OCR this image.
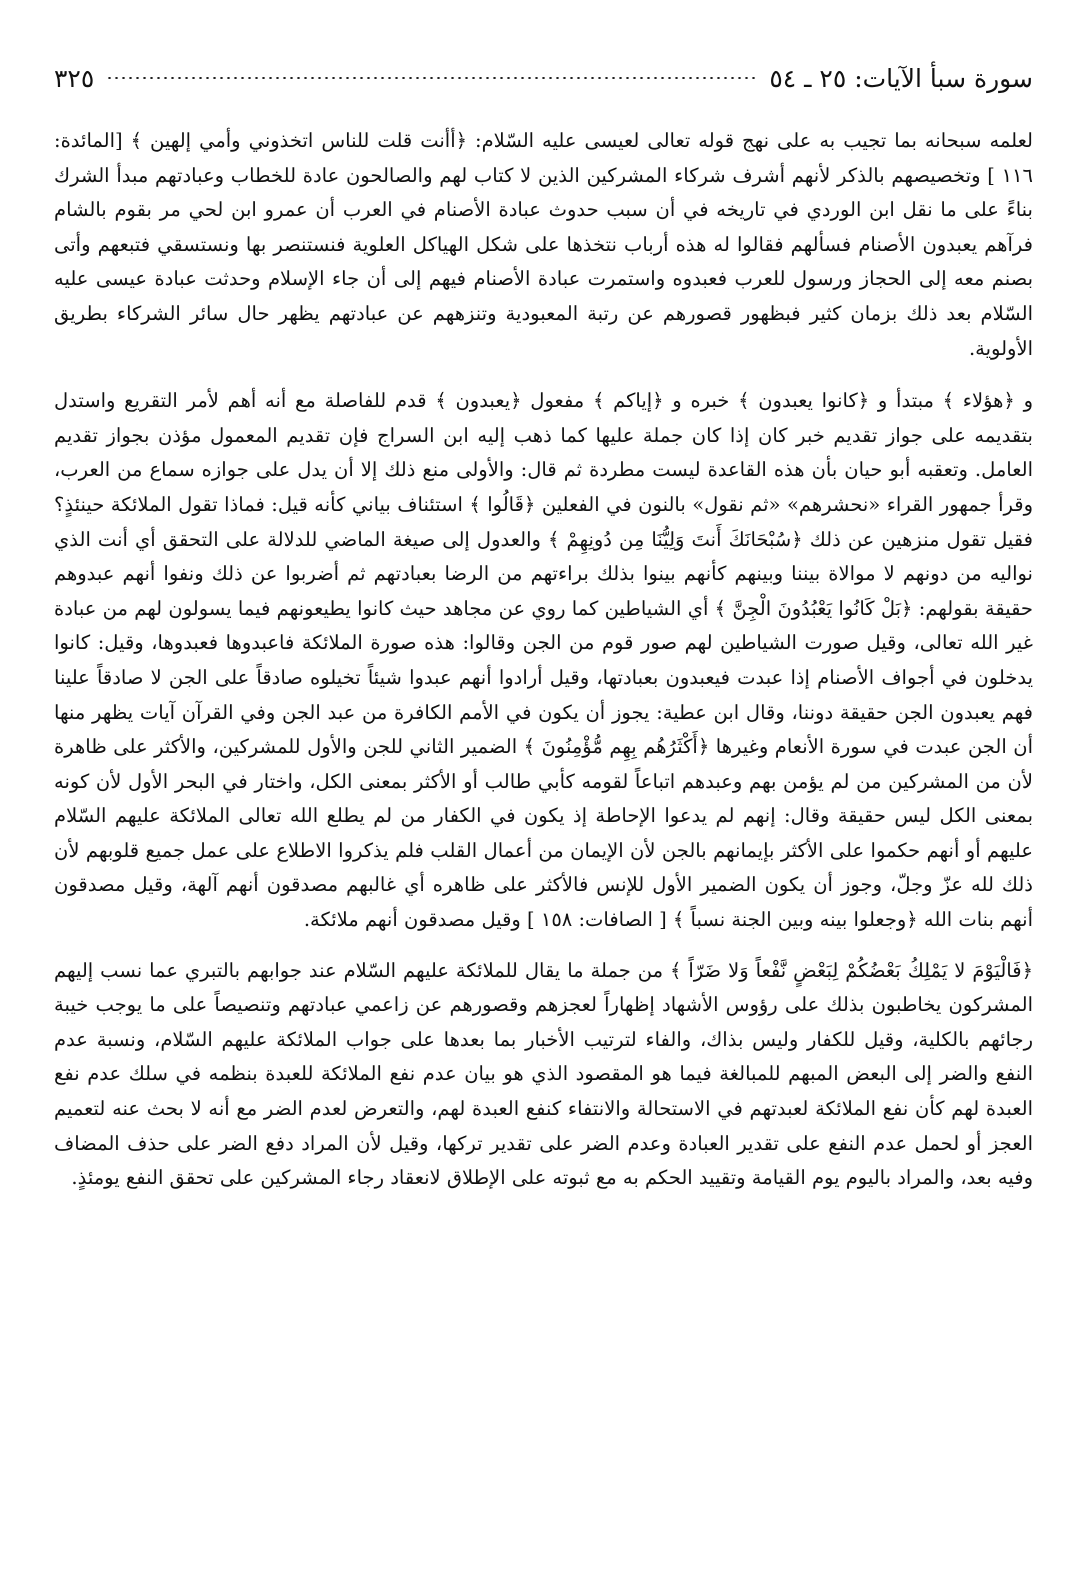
سورة سبأ الآيات: ٢٥ ـ ٥٤
٣٢٥

لعلمه سبحانه بما تجيب به على نهج قوله تعالى لعيسى عليه السّلام: ﴿أأنت قلت للناس اتخذوني وأمي إلهين ﴾ [المائدة: ١١٦ ] وتخصيصهم بالذكر لأنهم أشرف شركاء المشركين الذين لا كتاب لهم والصالحون عادة للخطاب وعبادتهم مبدأ الشرك بناءً على ما نقل ابن الوردي في تاريخه في أن سبب حدوث عبادة الأصنام في العرب أن عمرو ابن لحي مر بقوم بالشام فرآهم يعبدون الأصنام فسألهم فقالوا له هذه أرباب نتخذها على شكل الهياكل العلوية فنستنصر بها ونستسقي فتبعهم وأتى بصنم معه إلى الحجاز ورسول للعرب فعبدوه واستمرت عبادة الأصنام فيهم إلى أن جاء الإسلام وحدثت عبادة عيسى عليه السّلام بعد ذلك بزمان كثير فبظهور قصورهم عن رتبة المعبودية وتنزههم عن عبادتهم يظهر حال سائر الشركاء بطريق الأولوية.

و ﴿هؤلاء ﴾ مبتدأ و ﴿كانوا يعبدون ﴾ خبره و ﴿إياكم ﴾ مفعول ﴿يعبدون ﴾ قدم للفاصلة مع أنه أهم لأمر التقريع واستدل بتقديمه على جواز تقديم خبر كان إذا كان جملة عليها كما ذهب إليه ابن السراج فإن تقديم المعمول مؤذن بجواز تقديم العامل. وتعقبه أبو حيان بأن هذه القاعدة ليست مطردة ثم قال: والأولى منع ذلك إلا أن يدل على جوازه سماع من العرب، وقرأ جمهور القراء «نحشرهم» «ثم نقول» بالنون في الفعلين ﴿قَالُوا ﴾ استئناف بياني كأنه قيل: فماذا تقول الملائكة حينئذٍ؟ فقيل تقول منزهين عن ذلك ﴿سُبْحَانَكَ أَنتَ وَلِيُّنَا مِن دُونِهِمْ ﴾ والعدول إلى صيغة الماضي للدلالة على التحقق أي أنت الذي نواليه من دونهم لا موالاة بيننا وبينهم كأنهم بينوا بذلك براءتهم من الرضا بعبادتهم ثم أضربوا عن ذلك ونفوا أنهم عبدوهم حقيقة بقولهم: ﴿بَلْ كَانُوا يَعْبُدُونَ الْجِنَّ ﴾ أي الشياطين كما روي عن مجاهد حيث كانوا يطيعونهم فيما يسولون لهم من عبادة غير الله تعالى، وقيل صورت الشياطين لهم صور قوم من الجن وقالوا: هذه صورة الملائكة فاعبدوها فعبدوها، وقيل: كانوا يدخلون في أجواف الأصنام إذا عبدت فيعبدون بعبادتها، وقيل أرادوا أنهم عبدوا شيئاً تخيلوه صادقاً على الجن لا صادقاً علينا فهم يعبدون الجن حقيقة دوننا، وقال ابن عطية: يجوز أن يكون في الأمم الكافرة من عبد الجن وفي القرآن آيات يظهر منها أن الجن عبدت في سورة الأنعام وغيرها ﴿أَكْثَرُهُم بِهِم مُّؤْمِنُونَ ﴾ الضمير الثاني للجن والأول للمشركين، والأكثر على ظاهرة لأن من المشركين من لم يؤمن بهم وعبدهم اتباعاً لقومه كأبي طالب أو الأكثر بمعنى الكل، واختار في البحر الأول لأن كونه بمعنى الكل ليس حقيقة وقال: إنهم لم يدعوا الإحاطة إذ يكون في الكفار من لم يطلع الله تعالى الملائكة عليهم السّلام عليهم أو أنهم حكموا على الأكثر بإيمانهم بالجن لأن الإيمان من أعمال القلب فلم يذكروا الاطلاع على عمل جميع قلوبهم لأن ذلك لله عزّ وجلّ، وجوز أن يكون الضمير الأول للإنس فالأكثر على ظاهره أي غالبهم مصدقون أنهم آلهة، وقيل مصدقون أنهم بنات الله ﴿وجعلوا بينه وبين الجنة نسباً ﴾ [ الصافات: ١٥٨ ] وقيل مصدقون أنهم ملائكة.

﴿فَالْيَوْمَ لا يَمْلِكُ بَعْضُكُمْ لِبَعْضٍ نَّفْعاً وَلا ضَرّاً ﴾ من جملة ما يقال للملائكة عليهم السّلام عند جوابهم بالتبري عما نسب إليهم المشركون يخاطبون بذلك على رؤوس الأشهاد إظهاراً لعجزهم وقصورهم عن زاعمي عبادتهم وتنصيصاً على ما يوجب خيبة رجائهم بالكلية، وقيل للكفار وليس بذاك، والفاء لترتيب الأخبار بما بعدها على جواب الملائكة عليهم السّلام، ونسبة عدم النفع والضر إلى البعض المبهم للمبالغة فيما هو المقصود الذي هو بيان عدم نفع الملائكة للعبدة بنظمه في سلك عدم نفع العبدة لهم كأن نفع الملائكة لعبدتهم في الاستحالة والانتفاء كنفع العبدة لهم، والتعرض لعدم الضر مع أنه لا بحث عنه لتعميم العجز أو لحمل عدم النفع على تقدير العبادة وعدم الضر على تقدير تركها، وقيل لأن المراد دفع الضر على حذف المضاف وفيه بعد، والمراد باليوم يوم القيامة وتقييد الحكم به مع ثبوته على الإطلاق لانعقاد رجاء المشركين على تحقق النفع يومئذٍ.
